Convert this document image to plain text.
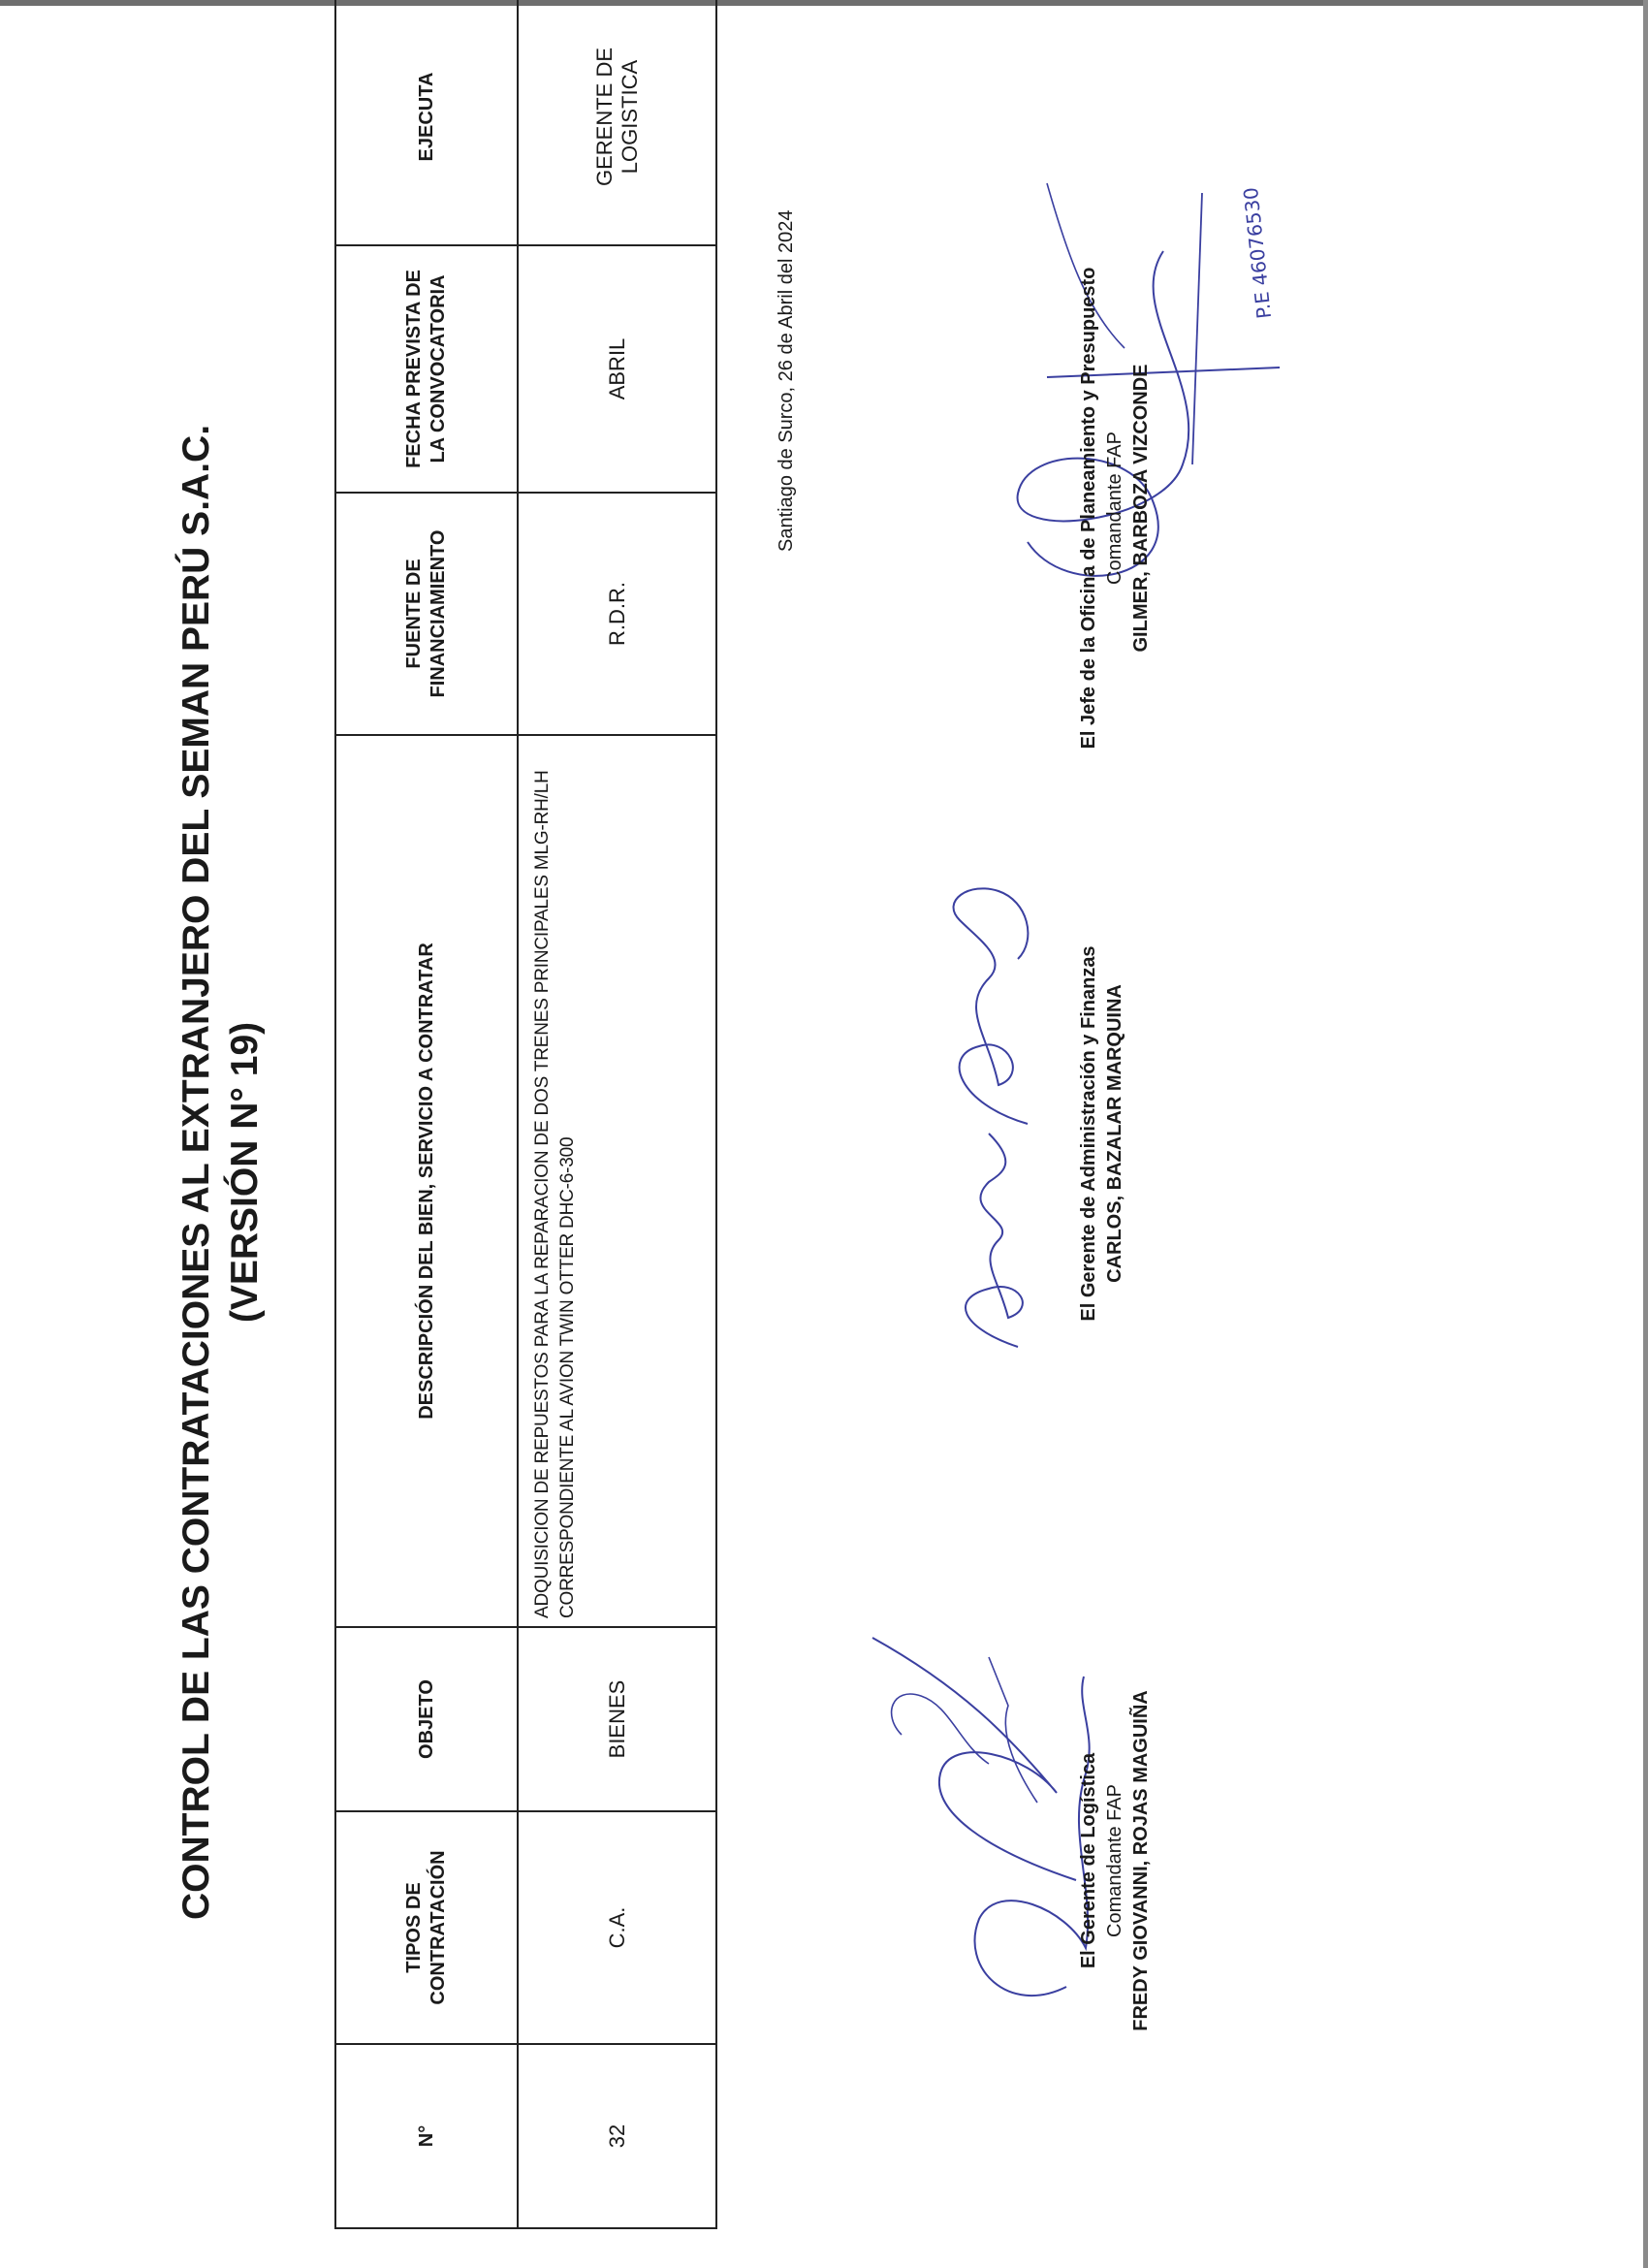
CONTROL DE LAS CONTRATACIONES AL EXTRANJERO DEL SEMAN PERÚ S.A.C. (VERSIÓN N° 19)
N°	TIPOS DE CONTRATACIÓN	OBJETO	DESCRIPCIÓN DEL BIEN, SERVICIO A CONTRATAR	FUENTE DE FINANCIAMIENTO	FECHA PREVISTA DE LA CONVOCATORIA	EJECUTA
32	C.A.	BIENES	ADQUISICION DE REPUESTOS PARA LA REPARACION DE DOS TRENES PRINCIPALES MLG-RH/LH CORRESPONDIENTE AL AVION TWIN OTTER DHC-6-300	R.D.R.	ABRIL	GERENTE DE LOGISTICA
Santiago de Surco, 26 de Abril del 2024	P.E 46076530
El Gerente de Logística Comandante FAP FREDY GIOVANNI, ROJAS MAGUIÑA
El Gerente de Administración y Finanzas CARLOS, BAZALAR MARQUINA
El Jefe de la Oficina de Planeamiento y Presupuesto Comandante FAP GILMER, BARBOZA VIZCONDE
